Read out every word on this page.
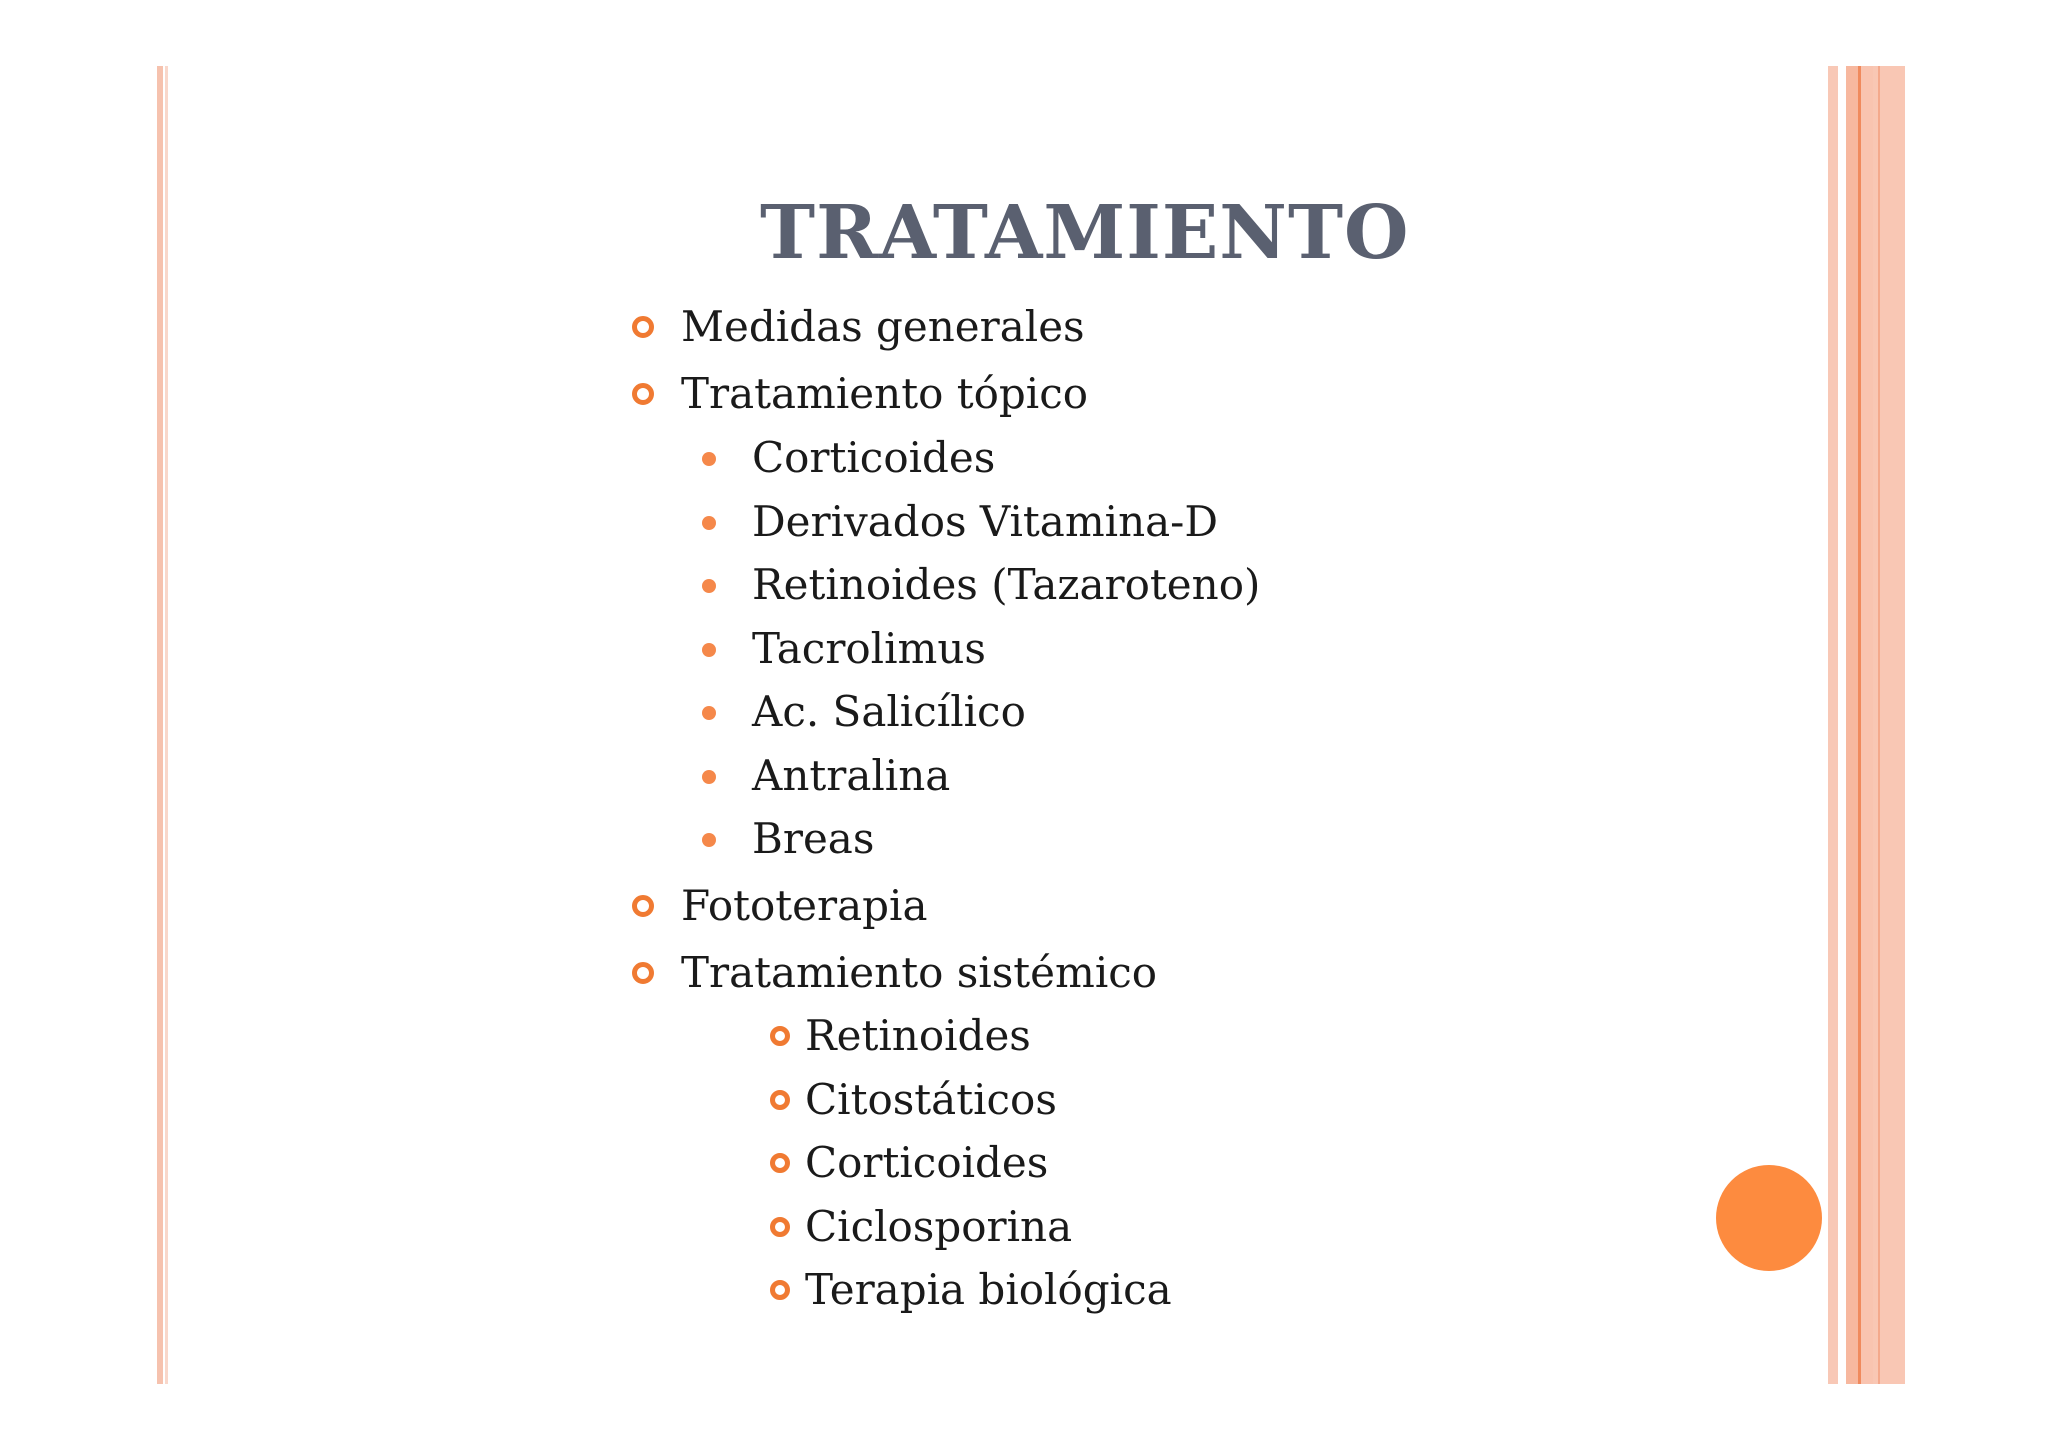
TRATAMIENTO
Medidas generales
Tratamiento tópico
Corticoides
Derivados Vitamina-D
Retinoides (Tazaroteno)
Tacrolimus
Ac. Salicílico
Antralina
Breas
Fototerapia
Tratamiento sistémico
Retinoides
Citostáticos
Corticoides
Ciclosporina
Terapia biológica
